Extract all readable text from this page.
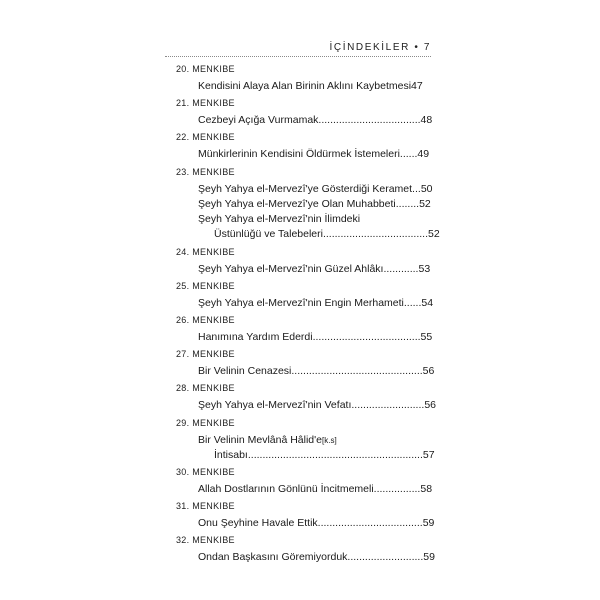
İÇİNDEKİLER • 7
20. MENKIBE
Kendisini Alaya Alan Birinin Aklını Kaybetmesi 47
21. MENKIBE
Cezbeyi Açığa Vurmamak ................................... 48
22. MENKIBE
Münkirlerinin Kendisini Öldürmek İstemeleri ...... 49
23. MENKIBE
Şeyh Yahya el-Mervezî'ye Gösterdiği Keramet ... 50
Şeyh Yahya el-Mervezî'ye Olan Muhabbeti ........ 52
Şeyh Yahya el-Mervezî'nin İlimdeki
Üstünlüğü ve Talebeleri .................................... 52
24. MENKIBE
Şeyh Yahya el-Mervezî'nin Güzel Ahlâkı ............ 53
25. MENKIBE
Şeyh Yahya el-Mervezî'nin Engin Merhameti ...... 54
26. MENKIBE
Hanımına Yardım Ederdi ..................................... 55
27. MENKIBE
Bir Velinin Cenazesi ............................................. 56
28. MENKIBE
Şeyh Yahya el-Mervezî'nin Vefatı ......................... 56
29. MENKIBE
Bir Velinin Mevlânâ Hâlid'e [k.s]
İntisabı ............................................................ 57
30. MENKIBE
Allah Dostlarının Gönlünü İncitmemeli ................ 58
31. MENKIBE
Onu Şeyhine Havale Ettik .................................... 59
32. MENKIBE
Ondan Başkasını Göremiyorduk .......................... 59
